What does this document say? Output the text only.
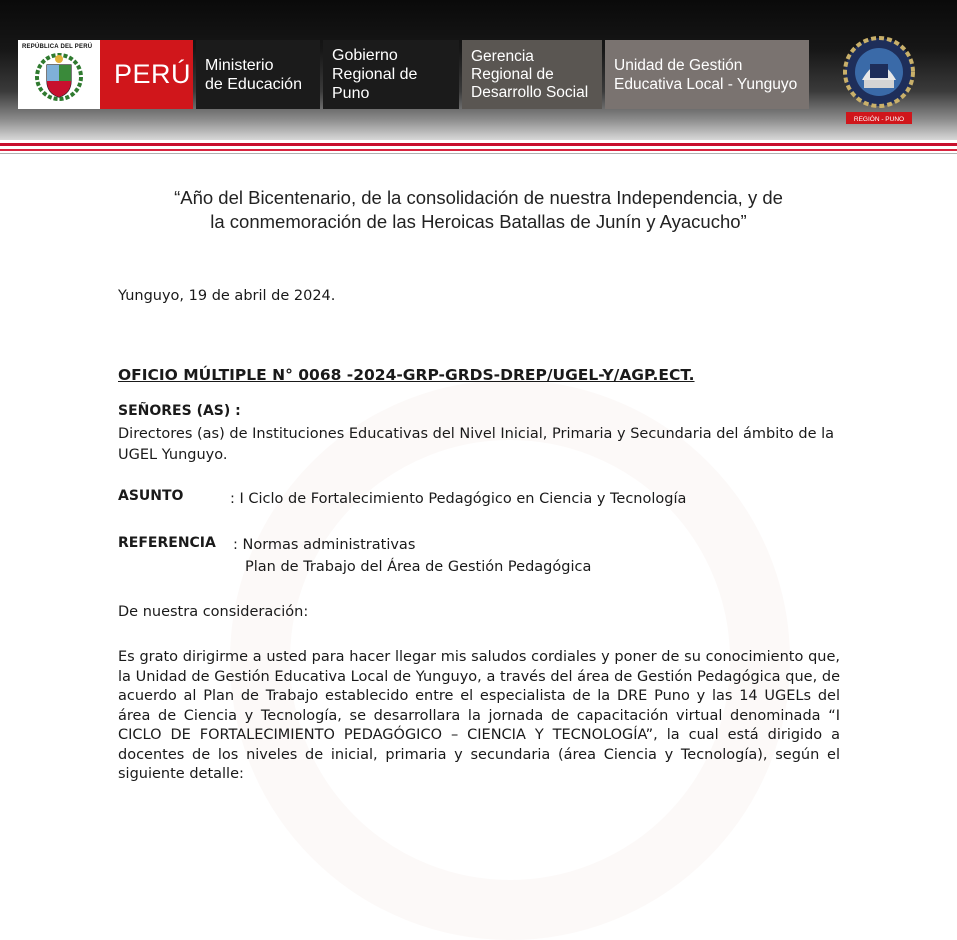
REPÚBLICA DEL PERÚ
PERÚ Ministerio
de Educación
Gobierno
Regional de Puno
Gerencia
Regional de
Desarrollo Social
Unidad de Gestión
Educativa Local - Yunguyo
REGIÓN - PUNO
“Año del Bicentenario, de la consolidación de nuestra Independencia, y de
la conmemoración de las Heroicas Batallas de Junín y Ayacucho”
Yunguyo, 19 de abril de 2024.
OFICIO MÚLTIPLE N° 0068 -2024-GRP-GRDS-DREP/UGEL-Y/AGP.ECT.
SEÑORES (AS) :
Directores (as) de Instituciones Educativas del Nivel Inicial, Primaria y Secundaria del ámbito de la UGEL Yunguyo.
ASUNTO	: I Ciclo de Fortalecimiento Pedagógico en Ciencia y Tecnología
REFERENCIA : Normas administrativas
Plan de Trabajo del Área de Gestión Pedagógica
De nuestra consideración:
Es grato dirigirme a usted para hacer llegar mis saludos cordiales y poner de su conocimiento que, la Unidad de Gestión Educativa Local de Yunguyo, a través del área de Gestión Pedagógica que, de acuerdo al Plan de Trabajo establecido entre el especialista de la DRE Puno y las 14 UGELs del área de Ciencia y Tecnología, se desarrollara la jornada de capacitación virtual denominada “I CICLO DE FORTALECIMIENTO PEDAGÓGICO – CIENCIA Y TECNOLOGÍA”, la cual está dirigido a docentes de los niveles de inicial, primaria y secundaria (área Ciencia y Tecnología), según el siguiente detalle:
